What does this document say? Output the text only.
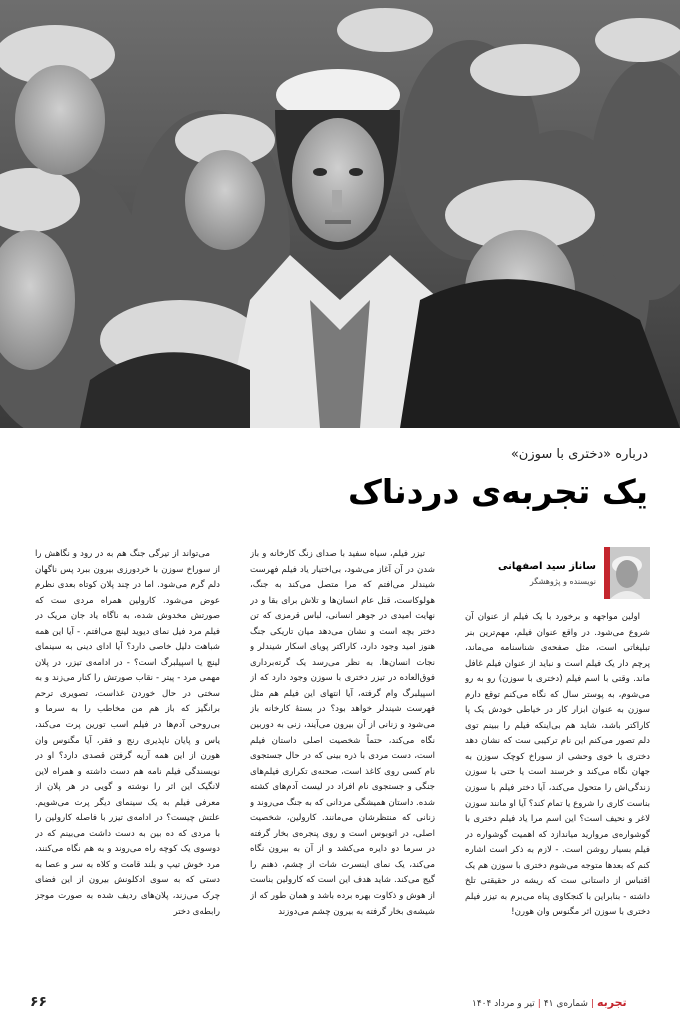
درباره «دختری با سوزن»
یک تجربه‌ی دردناک
ساناز سید اصفهانی
نویسنده و پژوهشگر

اولین مواجهه و برخورد با یک فیلم از عنوان آن شروع می‌شود. در واقع عنوان فیلم، مهم‌ترین بنر تبلیغاتی است، مثل صفحه‌ی شناسنامه می‌ماند، پرچم دار یک فیلم است و نباید از عنوان فیلم غافل ماند. وقتی با اسم فیلم (دختری با سوزن) رو به رو می‌شوم، به پوستر سال که نگاه می‌کنم توقع دارم سوزن به عنوان ابزار کار در خیاطی خودش یک پا کاراکتر باشد، شاید هم بی‌اینکه فیلم را ببینم توی دلم تصور می‌کنم این نام ترکیبی ست که نشان دهد دختری با خوی وحشی از سوراخ کوچک سوزن به جهان نگاه می‌کند و خرسند است یا حتی با سوزن زندگی‌اش را متحول می‌کند، آیا دختر فیلم با سوزن بناست کاری را شروع یا تمام کند؟ آیا او مانند سوزن لاغر و نحیف است؟ این اسم مرا یاد فیلم دختری با گوشواره‌ی مروارید میاندازد که اهمیت گوشواره در فیلم بسیار روشن است. - لازم به ذکر است اشاره کنم که بعدها متوجه می‌شوم دختری با سوزن هم یک اقتباس از داستانی ست که ریشه در حقیقتی تلخ داشته - بنابراین با کنجکاوی پناه می‌برم به تیزر فیلم دختری با سوزن اثر مگنوس وان هورن!

تیزر فیلم، سیاه سفید با صدای زنگ کارخانه و باز شدن در آن آغاز می‌شود، بی‌اختیار یاد فیلم فهرست شیندلر می‌افتم که مرا متصل می‌کند به جنگ، هولوکاست، قتل عام انسان‌ها و تلاش برای بقا و در نهایت امیدی در جوهر انسانی، لباس قرمزی که تن دختر بچه است و نشان می‌دهد میان تاریکی جنگ هنوز امید وجود دارد، کاراکتر پویای اسکار شیندلر و نجات انسان‌ها. به نظر می‌رسد یک گرته‌برداری فوق‌العاده در تیزر دختری با سوزن وجود دارد که از اسپیلبرگ وام گرفته، آیا انتهای این فیلم هم مثل فهرست شیندلر خواهد بود؟ در بستهٔ کارخانه باز می‌شود و زنانی از آن بیرون می‌آیند، زنی به دوربین نگاه می‌کند، حتماً شخصیت اصلی داستان فیلم است، دست مردی با ذره بینی که در حال جستجوی نام کسی روی کاغذ است، صحنه‌ی تکراری فیلم‌های جنگی و جستجوی نام افراد در لیست آدم‌های کشته شده. داستان همیشگی مردانی که به جنگ می‌روند و زنانی که منتظرشان می‌مانند. کارولین، شخصیت اصلی، در اتوبوس است و روی پنجره‌ی بخار گرفته در سرما دو دایره می‌کشد و از آن به بیرون نگاه می‌کند، یک نمای اینسرت شات از چشم، ذهنم را گیج می‌کند. شاید هدف این است که کارولین بناست از هوش و ذکاوت بهره برده باشد و همان طور که از شیشه‌ی بخار گرفته به بیرون چشم می‌دوزند

می‌تواند از تیرگی جنگ هم به در رود و نگاهش را از سوراخ سوزن با خردورزی بیرون ببرد پس ناگهان دلم گرم می‌شود. اما در چند پلان کوتاه بعدی نظرم عوض می‌شود. کارولین همراه مردی ست که صورتش مخدوش شده، به ناگاه یاد جان مریک در فیلم مرد فیل نمای دیوید لینچ می‌افتم. - آیا این همه شباهت دلیل خاصی دارد؟ آیا ادای دینی به سینمای لینچ یا اسپیلبرگ است؟ - در ادامه‌ی تیزر، در پلان مهمی مرد - پیتر - نقاب صورتش را کنار می‌زند و به سختی در حال خوردن غذاست، تصویری ترحم برانگیز که باز هم من مخاطب را به سرما و بی‌روحی آدم‌ها در فیلم اسب تورین پرت می‌کند، یاس و پایان ناپذیری رنج و فقر، آیا مگنوس وان هورن از این همه آریه گرفتن قصدی دارد؟ او در نویسندگی فیلم نامه هم دست داشته و همراه لاین لانگیک این اثر را نوشته و گویی در هر پلان از معرفی فیلم به یک سینمای دیگر پرت می‌شویم. علتش چیست؟ در ادامه‌ی تیزر با فاصله کارولین را با مردی که ده بین به دست داشت می‌بینم که در دوسوی یک کوچه راه می‌روند و به هم نگاه می‌کنند، مرد خوش تیپ و بلند قامت و کلاه به سر و عصا به دستی که به سوی ادکلونش بیرون از این فضای چرک می‌زند، پلان‌های ردیف شده به صورت موجز رابطه‌ی دختر

۶۶	تجربه|شماره‌ی ۴۱|تیر و مرداد ۱۴۰۴
